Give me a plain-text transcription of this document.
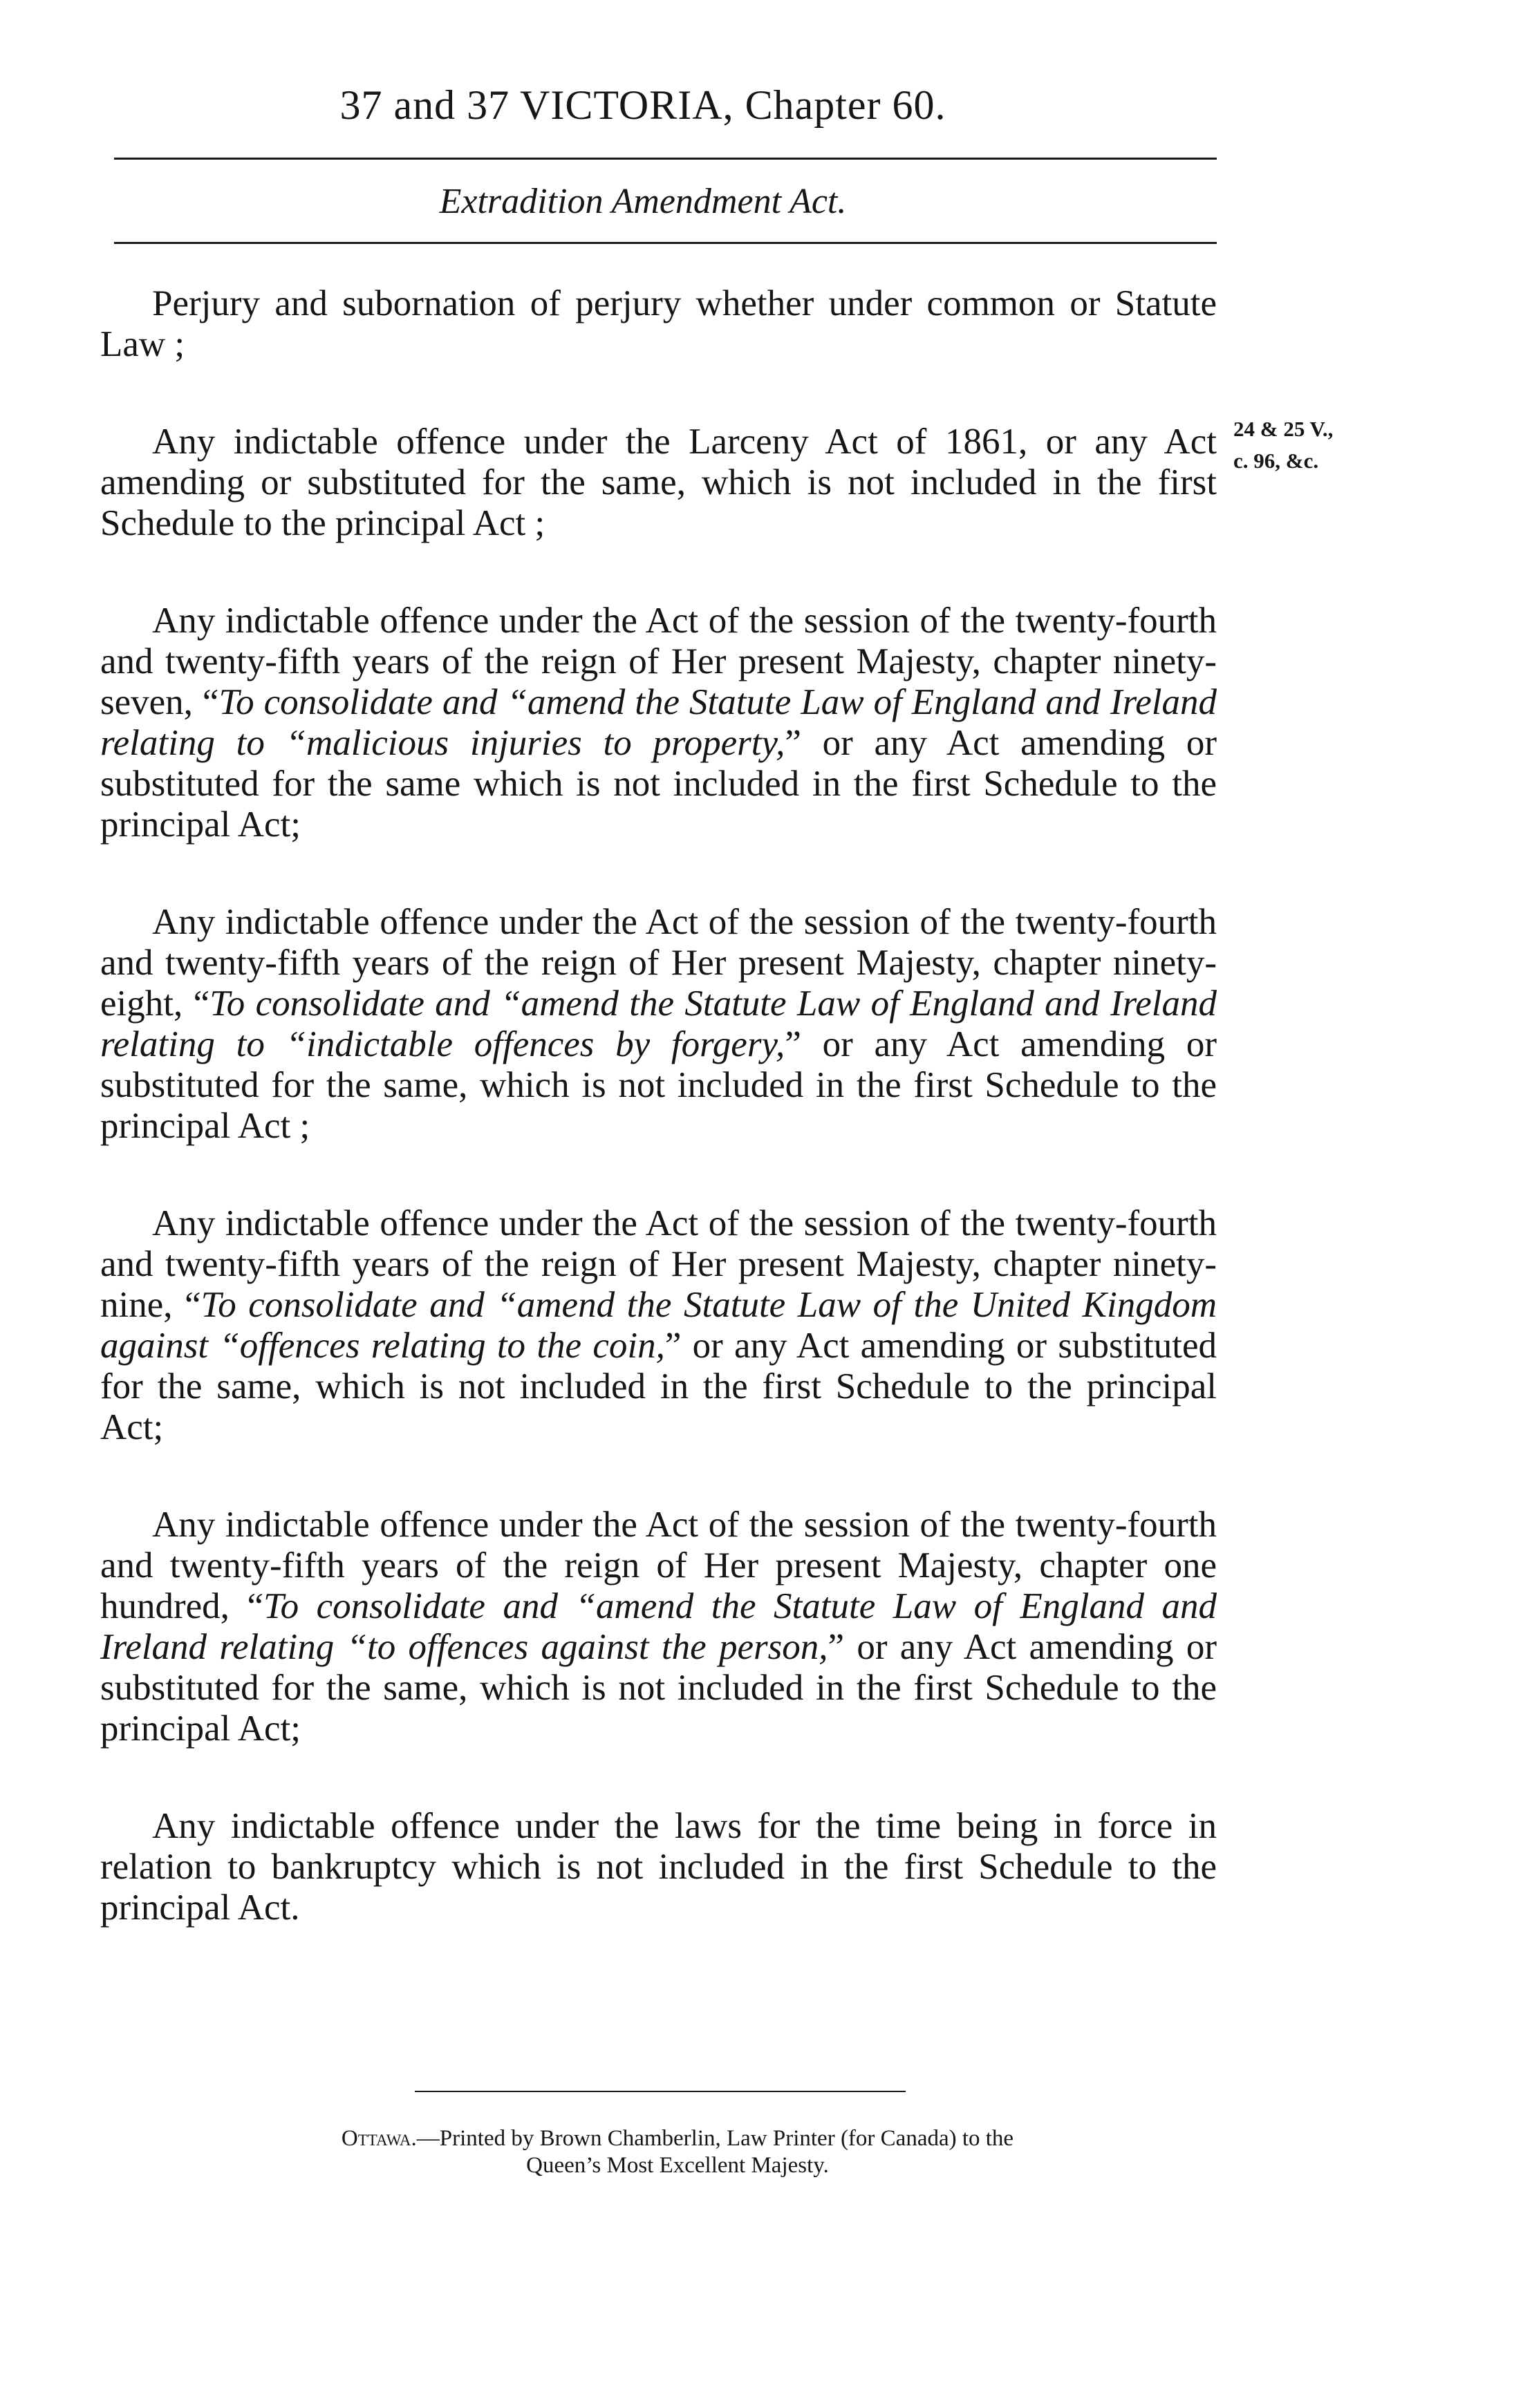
37 and 37 VICTORIA, Chapter 60.
Extradition Amendment Act.
24 & 25 V.,
c. 96, &c.

Perjury and subornation of perjury whether under common or Statute Law ;

Any indictable offence under the Larceny Act of 1861, or any Act amending or substituted for the same, which is not included in the first Schedule to the principal Act ;

Any indictable offence under the Act of the session of the twenty-fourth and twenty-fifth years of the reign of Her present Majesty, chapter ninety-seven, “To consolidate and “amend the Statute Law of England and Ireland relating to “malicious injuries to property,” or any Act amending or substituted for the same which is not included in the first Schedule to the principal Act;

Any indictable offence under the Act of the session of the twenty-fourth and twenty-fifth years of the reign of Her present Majesty, chapter ninety-eight, “To consolidate and “amend the Statute Law of England and Ireland relating to “indictable offences by forgery,” or any Act amending or substituted for the same, which is not included in the first Schedule to the principal Act ;

Any indictable offence under the Act of the session of the twenty-fourth and twenty-fifth years of the reign of Her present Majesty, chapter ninety-nine, “To consolidate and “amend the Statute Law of the United Kingdom against “offences relating to the coin,” or any Act amending or substituted for the same, which is not included in the first Schedule to the principal Act;

Any indictable offence under the Act of the session of the twenty-fourth and twenty-fifth years of the reign of Her present Majesty, chapter one hundred, “To consolidate and “amend the Statute Law of England and Ireland relating “to offences against the person,” or any Act amending or substituted for the same, which is not included in the first Schedule to the principal Act;

Any indictable offence under the laws for the time being in force in relation to bankruptcy which is not included in the first Schedule to the principal Act.

Ottawa.—Printed by Brown Chamberlin, Law Printer (for Canada) to the
Queen’s Most Excellent Majesty.
